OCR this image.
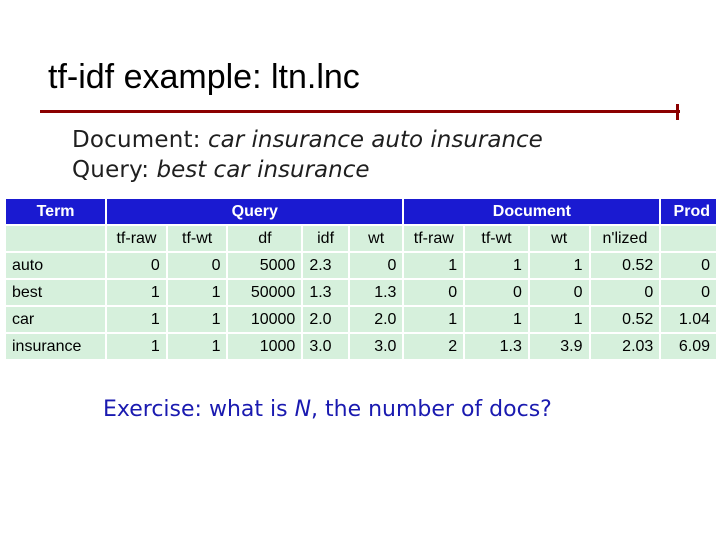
tf-idf example: ltn.lnc
Document: car insurance auto insurance
Query: best car insurance
Term	Query					Document				Prod
	tf-raw	tf-wt	df	idf	wt	tf-raw	tf-wt	wt	n'lized	
auto	0	0	5000	2.3	0	1	1	1	0.52	0
best	1	1	50000	1.3	1.3	0	0	0	0	0
car	1	1	10000	2.0	2.0	1	1	1	0.52	1.04
insurance	1	1	1000	3.0	3.0	2	1.3	3.9	2.03	6.09
Exercise: what is N, the number of docs?
